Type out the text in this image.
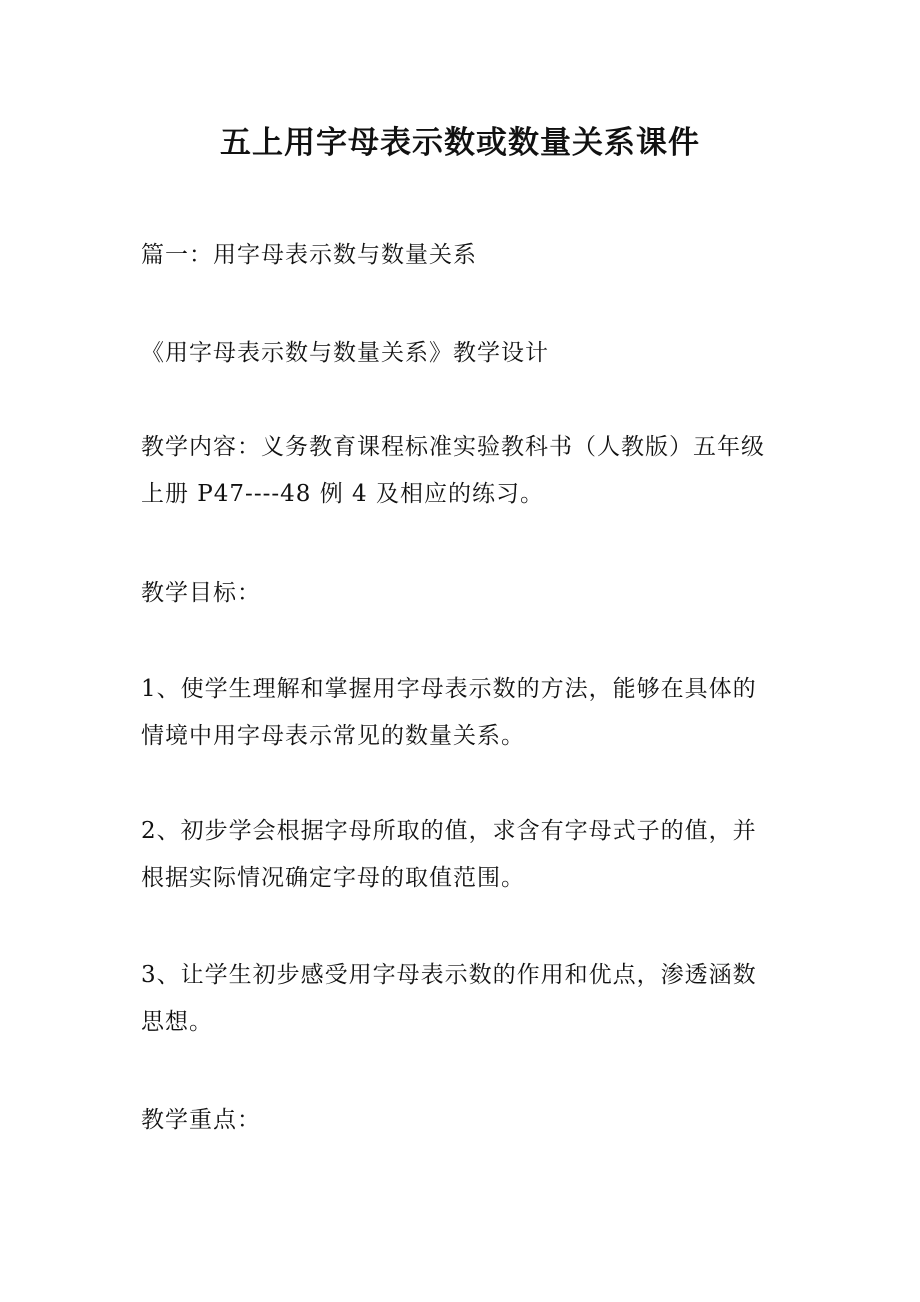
五上用字母表示数或数量关系课件

篇一：用字母表示数与数量关系

《用字母表示数与数量关系》教学设计

教学内容：义务教育课程标准实验教科书（人教版）五年级
上册 P47----48 例 4 及相应的练习。

教学目标：

1、使学生理解和掌握用字母表示数的方法，能够在具体的
情境中用字母表示常见的数量关系。

2、初步学会根据字母所取的值，求含有字母式子的值，并
根据实际情况确定字母的取值范围。

3、让学生初步感受用字母表示数的作用和优点，渗透涵数
思想。

教学重点：
